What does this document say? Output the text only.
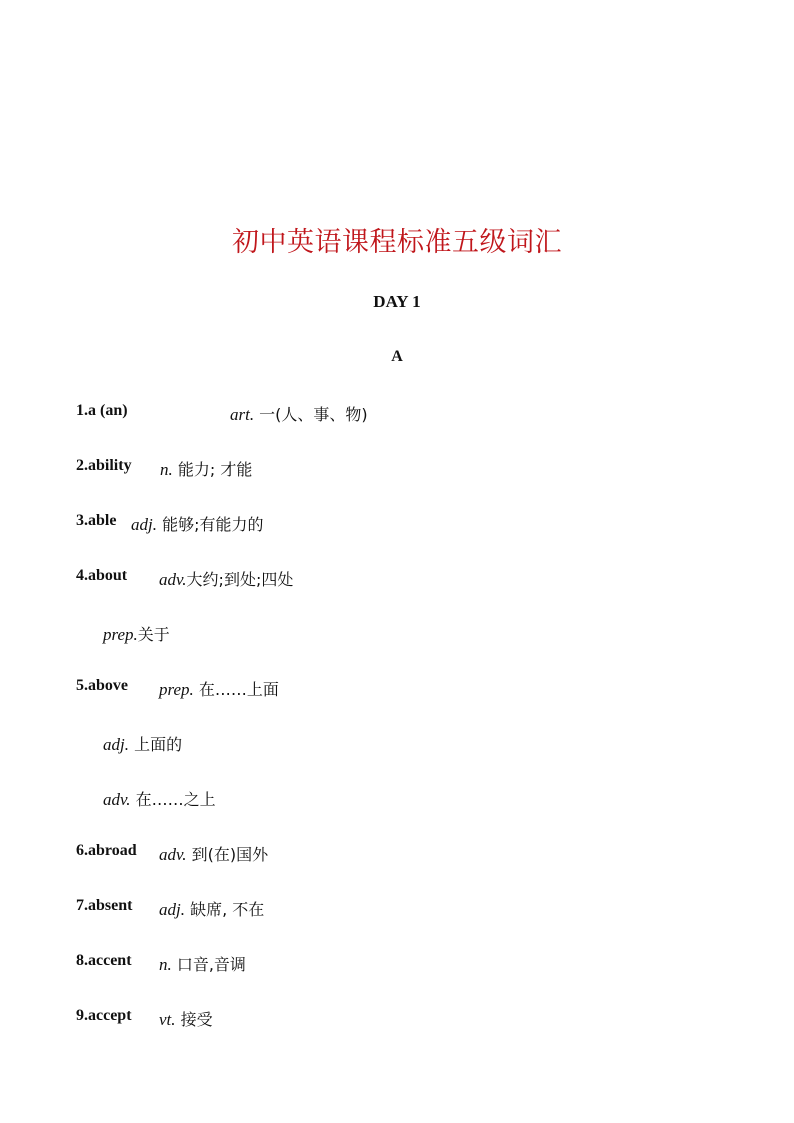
初中英语课程标准五级词汇
DAY 1
A
1.a (an)	art. 一(人、事、物)
2.ability n. 能力; 才能
3.able adj. 能够;有能力的
4.about adv.大约;到处;四处
prep.关于
5.above prep. 在……上面
adj. 上面的
adv. 在……之上
6.abroad adv. 到(在)国外
7.absent adj. 缺席, 不在
8.accent n. 口音,音调
9.accept vt. 接受
